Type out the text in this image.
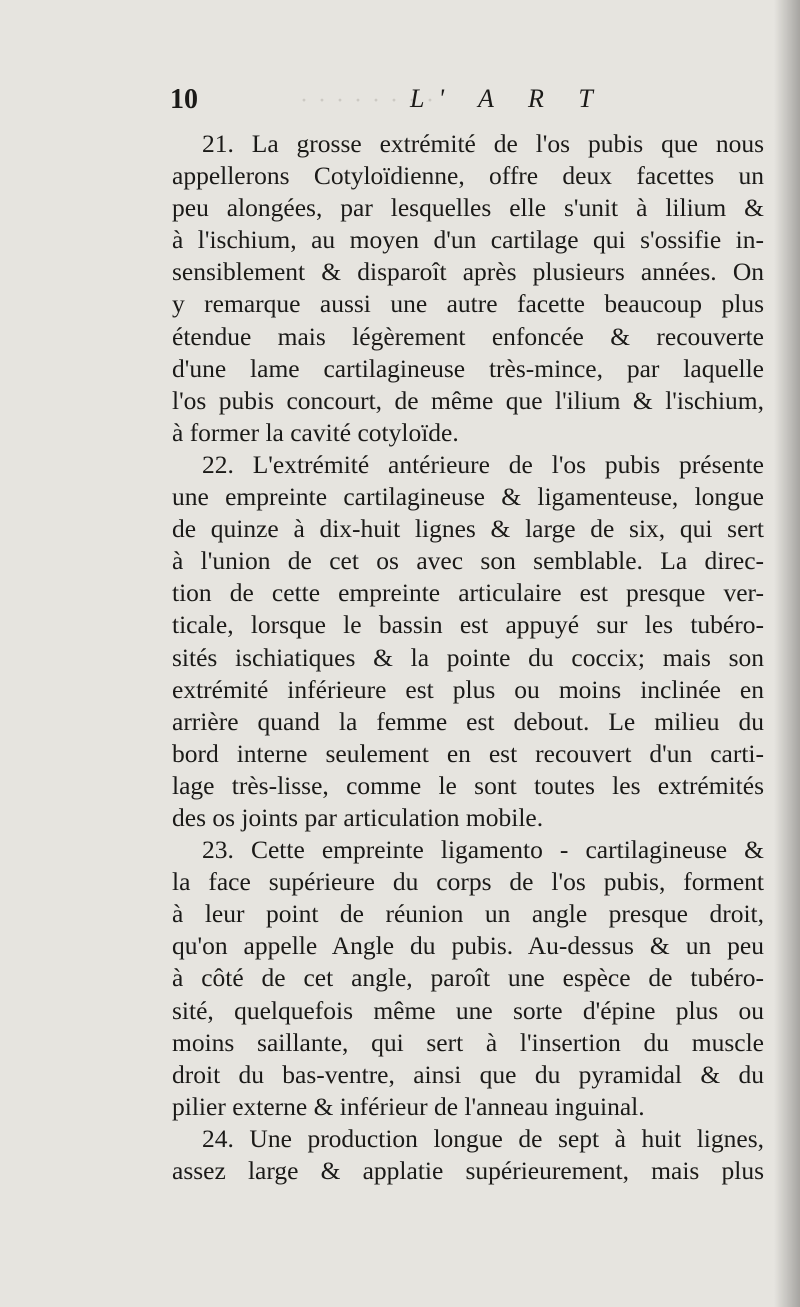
· · · · · · · ·
10	L' A R T
21. La grosse extrémité de l'os pubis que nous
appellerons Cotyloïdienne, offre deux facettes un
peu alongées, par lesquelles elle s'unit à lilium &
à l'ischium, au moyen d'un cartilage qui s'ossifie in-
sensiblement & disparoît après plusieurs années. On
y remarque aussi une autre facette beaucoup plus
étendue mais légèrement enfoncée & recouverte
d'une lame cartilagineuse très-mince, par laquelle
l'os pubis concourt, de même que l'ilium & l'ischium,
à former la cavité cotyloïde.
22. L'extrémité antérieure de l'os pubis présente
une empreinte cartilagineuse & ligamenteuse, longue
de quinze à dix-huit lignes & large de six, qui sert
à l'union de cet os avec son semblable. La direc-
tion de cette empreinte articulaire est presque ver-
ticale, lorsque le bassin est appuyé sur les tubéro-
sités ischiatiques & la pointe du coccix; mais son
extrémité inférieure est plus ou moins inclinée en
arrière quand la femme est debout. Le milieu du
bord interne seulement en est recouvert d'un carti-
lage très-lisse, comme le sont toutes les extrémités
des os joints par articulation mobile.
23. Cette empreinte ligamento - cartilagineuse &
la face supérieure du corps de l'os pubis, forment
à leur point de réunion un angle presque droit,
qu'on appelle Angle du pubis. Au-dessus & un peu
à côté de cet angle, paroît une espèce de tubéro-
sité, quelquefois même une sorte d'épine plus ou
moins saillante, qui sert à l'insertion du muscle
droit du bas-ventre, ainsi que du pyramidal & du
pilier externe & inférieur de l'anneau inguinal.
24. Une production longue de sept à huit lignes,
assez large & applatie supérieurement, mais plus
